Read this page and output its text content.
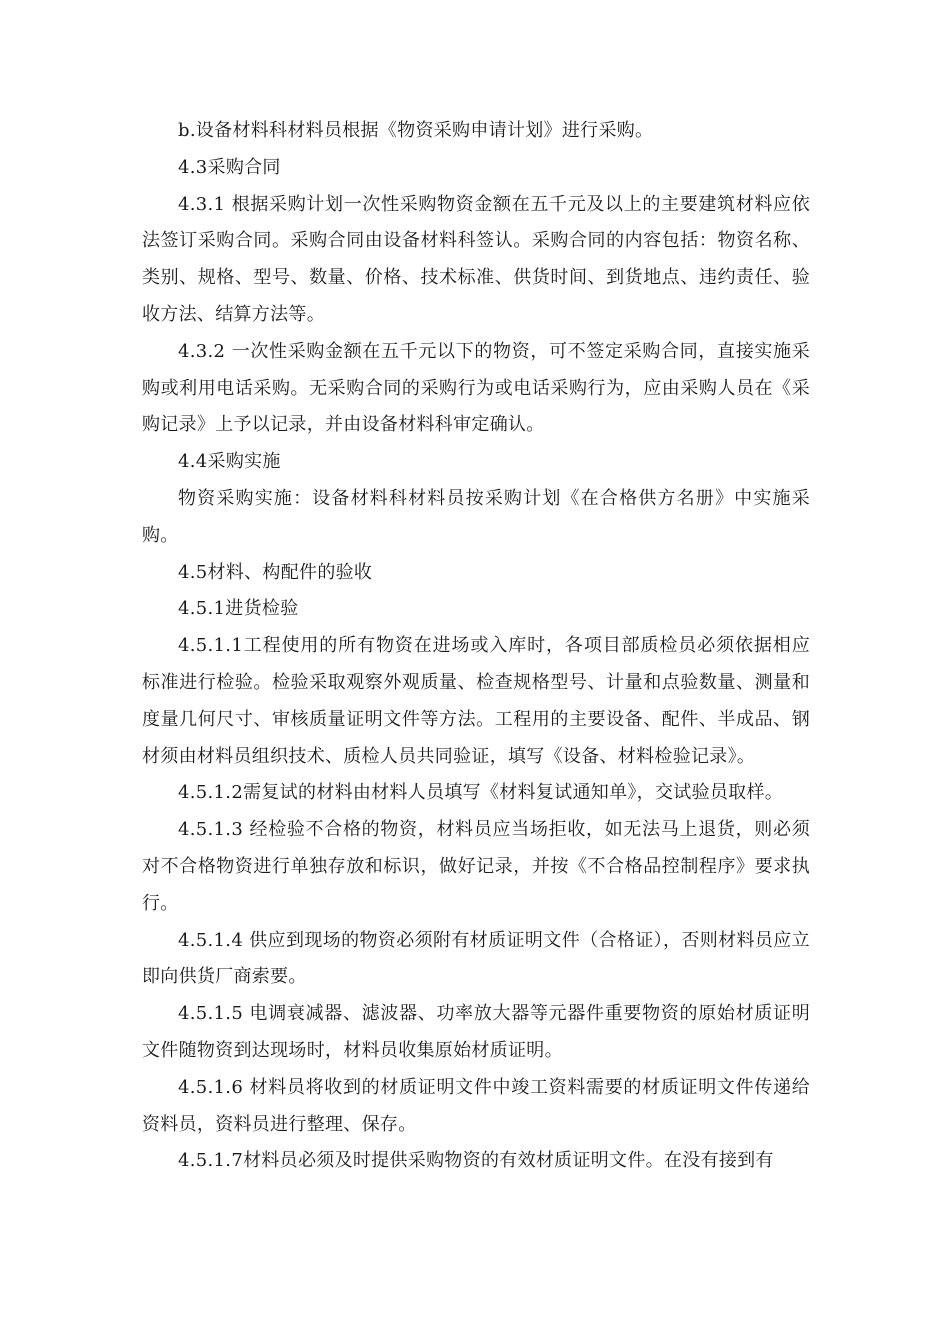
b.设备材料科材料员根据《物资采购申请计划》进行采购。

4.3采购合同

4.3.1 根据采购计划一次性采购物资金额在五千元及以上的主要建筑材料应依法签订采购合同。采购合同由设备材料科签认。采购合同的内容包括：物资名称、类别、规格、型号、数量、价格、技术标准、供货时间、到货地点、违约责任、验收方法、结算方法等。

4.3.2 一次性采购金额在五千元以下的物资，可不签定采购合同，直接实施采购或利用电话采购。无采购合同的采购行为或电话采购行为，应由采购人员在《采购记录》上予以记录，并由设备材料科审定确认。

4.4采购实施

物资采购实施：设备材料科材料员按采购计划《在合格供方名册》中实施采购。

4.5材料、构配件的验收

4.5.1进货检验

4.5.1.1工程使用的所有物资在进场或入库时，各项目部质检员必须依据相应标准进行检验。检验采取观察外观质量、检查规格型号、计量和点验数量、测量和度量几何尺寸、审核质量证明文件等方法。工程用的主要设备、配件、半成品、钢材须由材料员组织技术、质检人员共同验证，填写《设备、材料检验记录》。

4.5.1.2需复试的材料由材料人员填写《材料复试通知单》，交试验员取样。

4.5.1.3 经检验不合格的物资，材料员应当场拒收，如无法马上退货，则必须对不合格物资进行单独存放和标识，做好记录，并按《不合格品控制程序》要求执行。

4.5.1.4 供应到现场的物资必须附有材质证明文件（合格证），否则材料员应立即向供货厂商索要。

4.5.1.5 电调衰减器、滤波器、功率放大器等元器件重要物资的原始材质证明文件随物资到达现场时，材料员收集原始材质证明。

4.5.1.6 材料员将收到的材质证明文件中竣工资料需要的材质证明文件传递给资料员，资料员进行整理、保存。

4.5.1.7材料员必须及时提供采购物资的有效材质证明文件。在没有接到有
